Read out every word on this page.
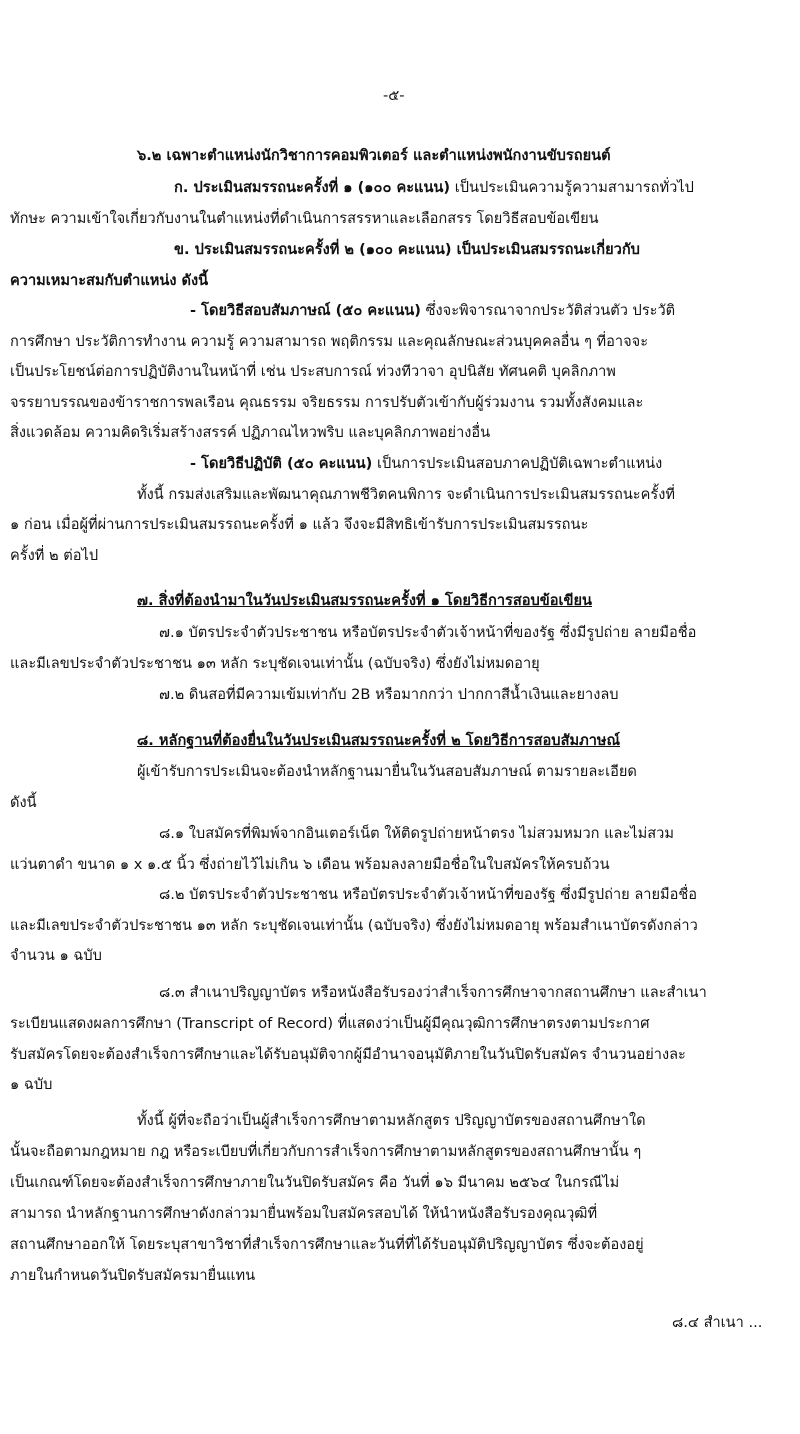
-๕-
๖.๒ เฉพาะตำแหน่งนักวิชาการคอมพิวเตอร์ และตำแหน่งพนักงานขับรถยนต์
ก. ประเมินสมรรถนะครั้งที่ ๑ (๑๐๐ คะแนน) เป็นประเมินความรู้ความสามารถทั่วไป
ทักษะ ความเข้าใจเกี่ยวกับงานในตำแหน่งที่ดำเนินการสรรหาและเลือกสรร โดยวิธีสอบข้อเขียน
ข. ประเมินสมรรถนะครั้งที่ ๒ (๑๐๐ คะแนน) เป็นประเมินสมรรถนะเกี่ยวกับ
ความเหมาะสมกับตำแหน่ง ดังนี้
- โดยวิธีสอบสัมภาษณ์ (๕๐ คะแนน) ซึ่งจะพิจารณาจากประวัติส่วนตัว ประวัติ
การศึกษา ประวัติการทำงาน ความรู้ ความสามารถ พฤติกรรม และคุณลักษณะส่วนบุคคลอื่น ๆ ที่อาจจะ
เป็นประโยชน์ต่อการปฏิบัติงานในหน้าที่ เช่น ประสบการณ์ ท่วงทีวาจา อุปนิสัย ทัศนคติ บุคลิกภาพ
จรรยาบรรณของข้าราชการพลเรือน คุณธรรม จริยธรรม การปรับตัวเข้ากับผู้ร่วมงาน รวมทั้งสังคมและ
สิ่งแวดล้อม ความคิดริเริ่มสร้างสรรค์ ปฏิภาณไหวพริบ และบุคลิกภาพอย่างอื่น
- โดยวิธีปฏิบัติ (๕๐ คะแนน) เป็นการประเมินสอบภาคปฏิบัติเฉพาะตำแหน่ง
ทั้งนี้ กรมส่งเสริมและพัฒนาคุณภาพชีวิตคนพิการ จะดำเนินการประเมินสมรรถนะครั้งที่
๑ ก่อน เมื่อผู้ที่ผ่านการประเมินสมรรถนะครั้งที่ ๑ แล้ว จึงจะมีสิทธิเข้ารับการประเมินสมรรถนะ
ครั้งที่ ๒ ต่อไป
๗. สิ่งที่ต้องนำมาในวันประเมินสมรรถนะครั้งที่ ๑ โดยวิธีการสอบข้อเขียน
๗.๑ บัตรประจำตัวประชาชน หรือบัตรประจำตัวเจ้าหน้าที่ของรัฐ ซึ่งมีรูปถ่าย ลายมือชื่อ
และมีเลขประจำตัวประชาชน ๑๓ หลัก ระบุชัดเจนเท่านั้น (ฉบับจริง) ซึ่งยังไม่หมดอายุ
๗.๒ ดินสอที่มีความเข้มเท่ากับ 2B หรือมากกว่า ปากกาสีน้ำเงินและยางลบ
๘. หลักฐานที่ต้องยื่นในวันประเมินสมรรถนะครั้งที่ ๒ โดยวิธีการสอบสัมภาษณ์
ผู้เข้ารับการประเมินจะต้องนำหลักฐานมายื่นในวันสอบสัมภาษณ์ ตามรายละเอียด
ดังนี้
๘.๑ ใบสมัครที่พิมพ์จากอินเตอร์เน็ต ให้ติดรูปถ่ายหน้าตรง ไม่สวมหมวก และไม่สวม
แว่นตาดำ ขนาด ๑ x ๑.๕ นิ้ว ซึ่งถ่ายไว้ไม่เกิน ๖ เดือน พร้อมลงลายมือชื่อในใบสมัครให้ครบถ้วน
๘.๒ บัตรประจำตัวประชาชน หรือบัตรประจำตัวเจ้าหน้าที่ของรัฐ ซึ่งมีรูปถ่าย ลายมือชื่อ
และมีเลขประจำตัวประชาชน ๑๓ หลัก ระบุชัดเจนเท่านั้น (ฉบับจริง) ซึ่งยังไม่หมดอายุ พร้อมสำเนาบัตรดังกล่าว
จำนวน ๑ ฉบับ
๘.๓ สำเนาปริญญาบัตร หรือหนังสือรับรองว่าสำเร็จการศึกษาจากสถานศึกษา และสำเนา
ระเบียนแสดงผลการศึกษา (Transcript of Record) ที่แสดงว่าเป็นผู้มีคุณวุฒิการศึกษาตรงตามประกาศ
รับสมัครโดยจะต้องสำเร็จการศึกษาและได้รับอนุมัติจากผู้มีอำนาจอนุมัติภายในวันปิดรับสมัคร จำนวนอย่างละ
๑ ฉบับ
ทั้งนี้ ผู้ที่จะถือว่าเป็นผู้สำเร็จการศึกษาตามหลักสูตร ปริญญาบัตรของสถานศึกษาใด
นั้นจะถือตามกฎหมาย กฎ หรือระเบียบที่เกี่ยวกับการสำเร็จการศึกษาตามหลักสูตรของสถานศึกษานั้น ๆ
เป็นเกณฑ์โดยจะต้องสำเร็จการศึกษาภายในวันปิดรับสมัคร คือ วันที่ ๑๖ มีนาคม ๒๕๖๔ ในกรณีไม่
สามารถ นำหลักฐานการศึกษาดังกล่าวมายื่นพร้อมใบสมัครสอบได้ ให้นำหนังสือรับรองคุณวุฒิที่
สถานศึกษาออกให้ โดยระบุสาขาวิชาที่สำเร็จการศึกษาและวันที่ที่ได้รับอนุมัติปริญญาบัตร ซึ่งจะต้องอยู่
ภายในกำหนดวันปิดรับสมัครมายื่นแทน
๘.๔ สำเนา ...
